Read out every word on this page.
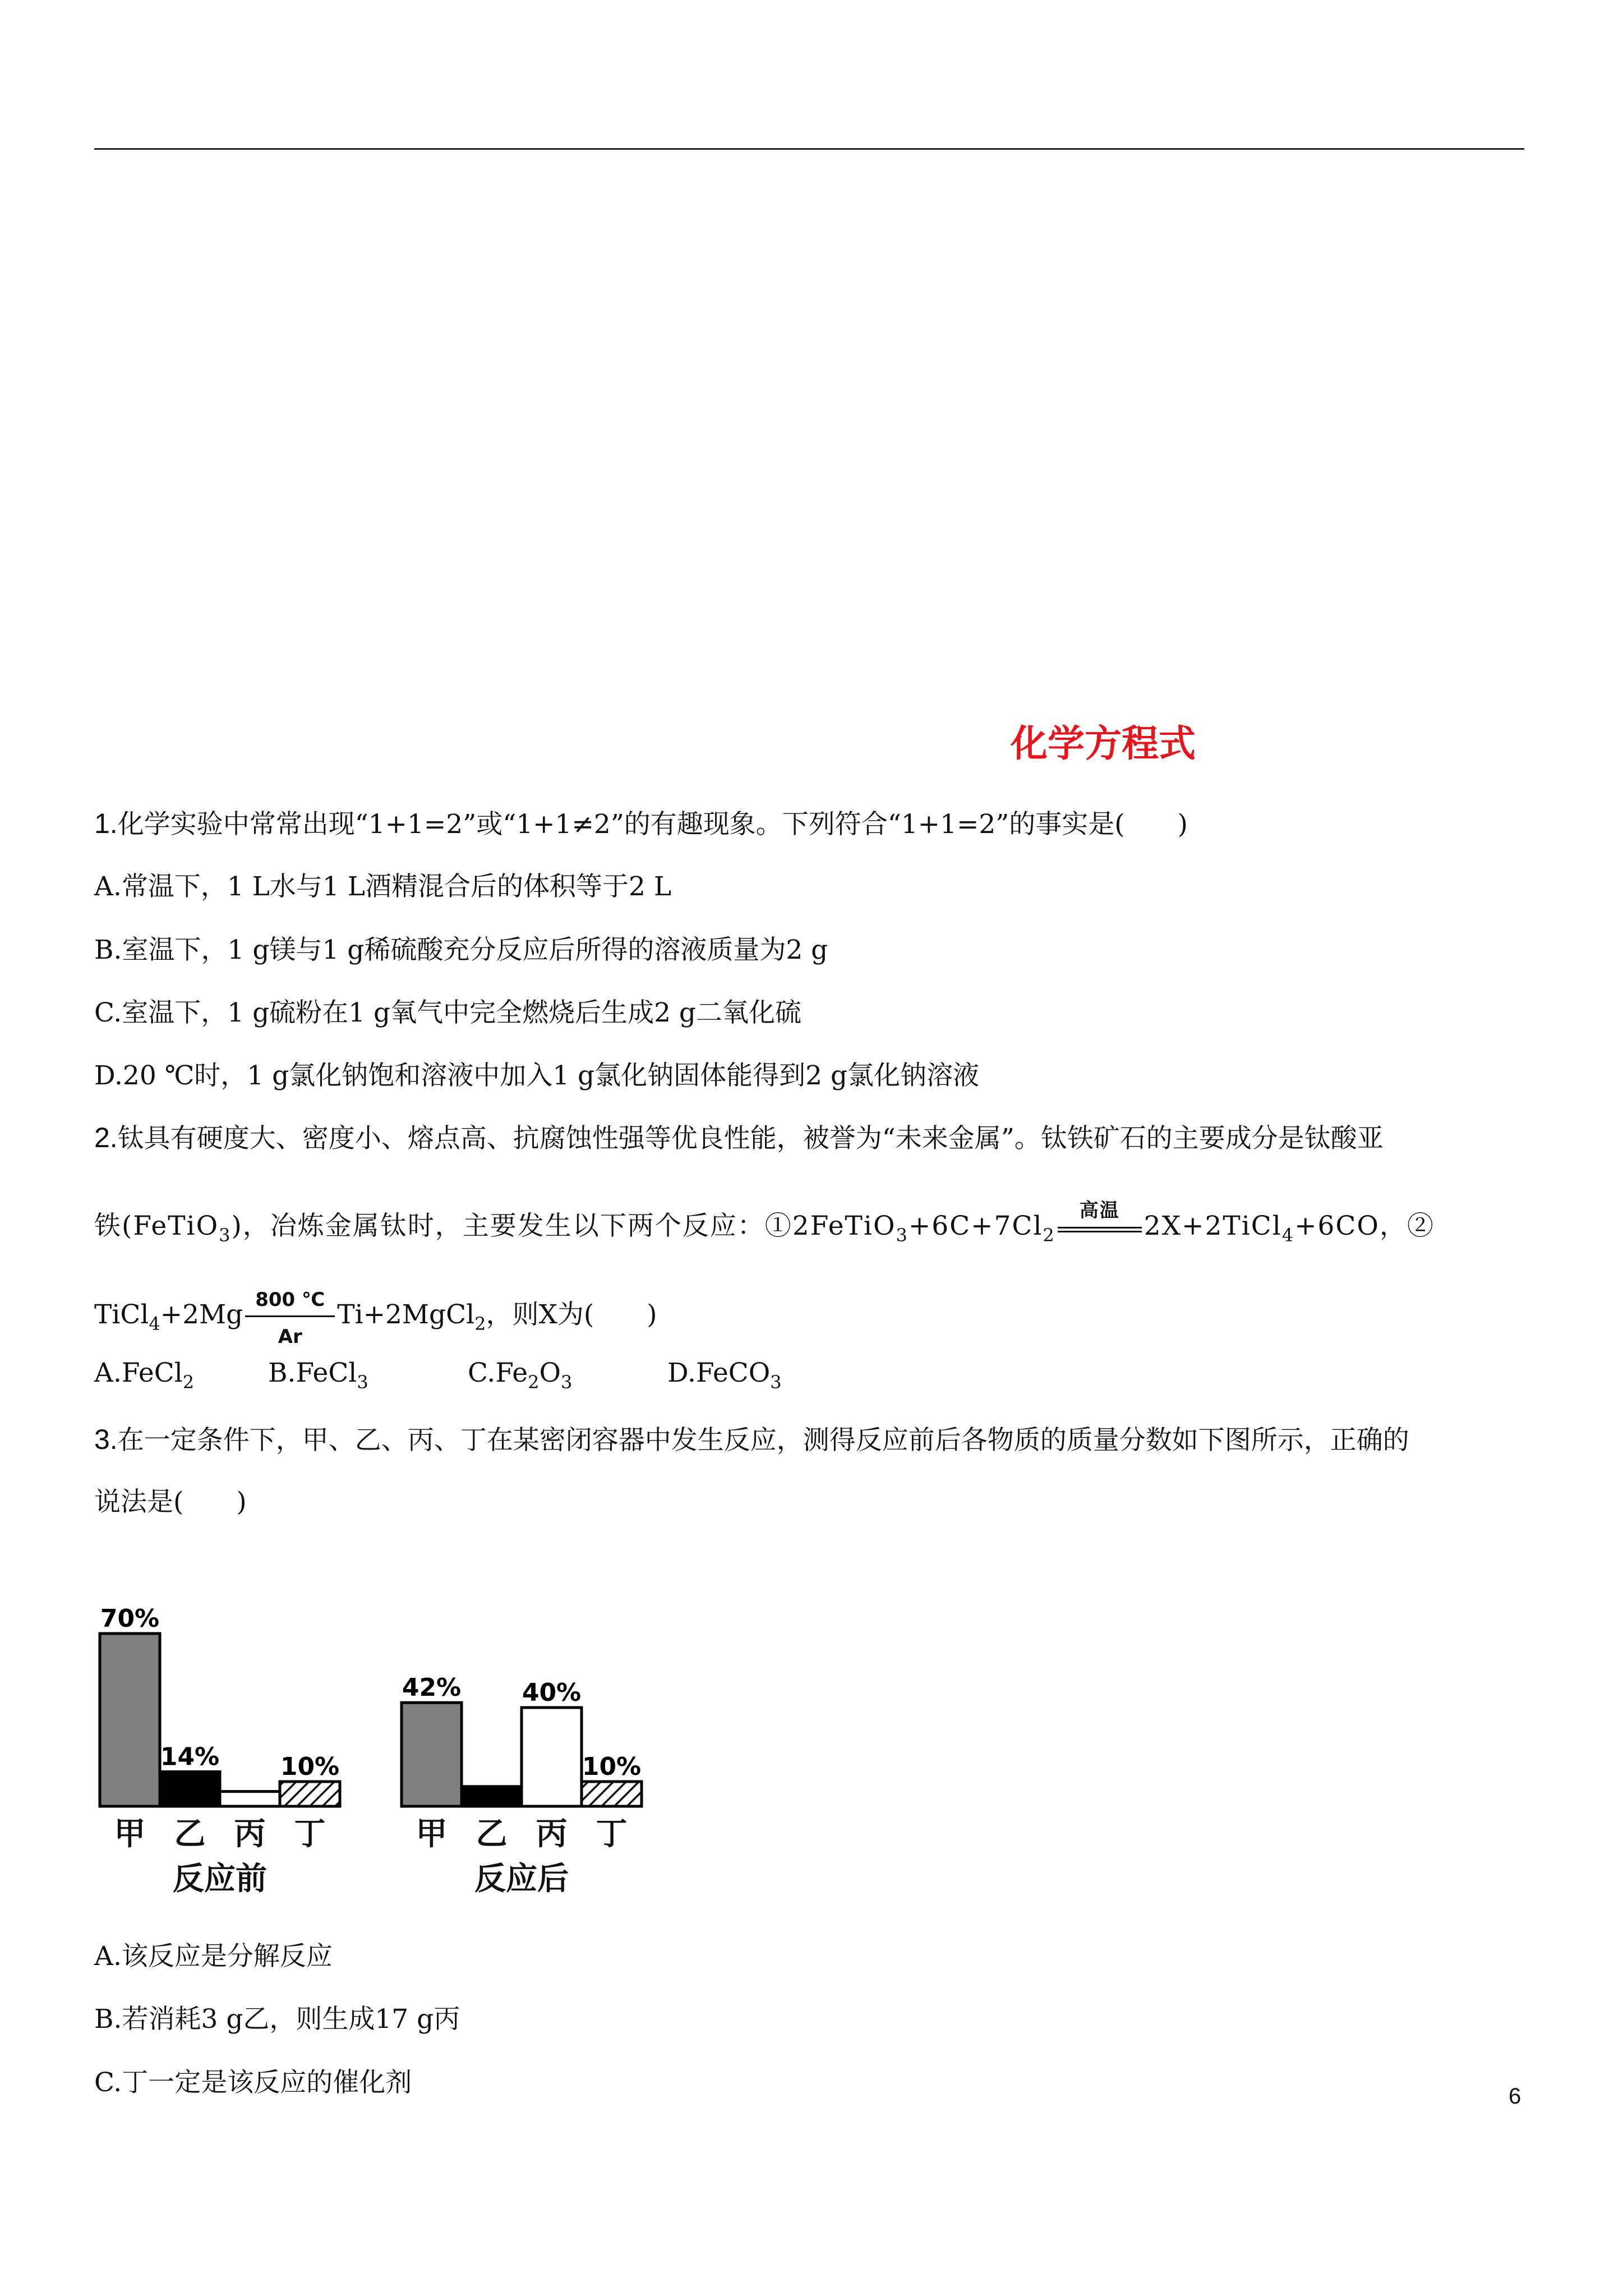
化学方程式
1.化学实验中常常出现“1+1=2”或“1+1≠2”的有趣现象。下列符合“1+1=2”的事实是(　　)
A.常温下，1 L水与1 L酒精混合后的体积等于2 L
B.室温下，1 g镁与1 g稀硫酸充分反应后所得的溶液质量为2 g
C.室温下，1 g硫粉在1 g氧气中完全燃烧后生成2 g二氧化硫
D.20 ℃时，1 g氯化钠饱和溶液中加入1 g氯化钠固体能得到2 g氯化钠溶液
2.钛具有硬度大、密度小、熔点高、抗腐蚀性强等优良性能，被誉为“未来金属”。钛铁矿石的主要成分是钛酸亚
铁(FeTiO$_3$)，冶炼金属钛时，主要发生以下两个反应：$①2FeTiO_3+6C+7Cl_2$
高温 2X+2TiCl$_4$+6CO，②
TiCl$_4$+2Mg $\frac{800 ℃}{Ar}$ Ti+2MgCl$_2$，则X为(　　)
A.FeCl2	B.FeCl3	C.Fe2O3	D.FeCO3
3.在一定条件下，甲、乙、丙、丁在某密闭容器中发生反应，测得反应前后各物质的质量分数如下图所示，正确的
说法是(　　)
70%
甲
14%
乙 丙
10%
丁
反应前
42%
甲 乙
40%
丙
10%
丁
反应后
A.该反应是分解反应
B.若消耗3 g乙，则生成17 g丙
C.丁一定是该反应的催化剂	6
